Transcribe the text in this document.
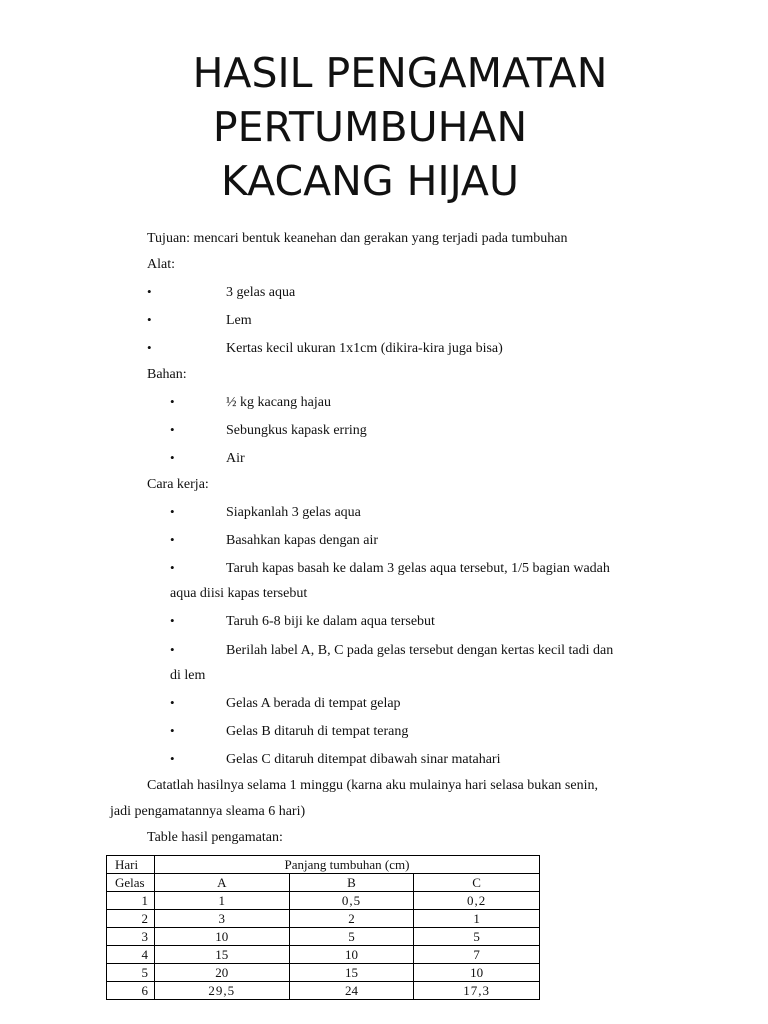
HASIL PENGAMATAN
PERTUMBUHAN
KACANG HIJAU
Tujuan: mencari bentuk keanehan dan gerakan yang terjadi pada tumbuhan
Alat:
•	3 gelas aqua
•	Lem
•	Kertas kecil ukuran 1x1cm (dikira-kira juga bisa)
Bahan:
•	½ kg kacang hajau
•	Sebungkus kapask erring
•	Air
Cara kerja:
•	Siapkanlah 3 gelas aqua
•	Basahkan kapas dengan air
•	Taruh kapas basah ke dalam 3 gelas aqua tersebut, 1/5 bagian wadah
aqua diisi kapas tersebut
•	Taruh 6-8 biji ke dalam aqua tersebut
•	Berilah label A, B, C pada gelas tersebut dengan kertas kecil tadi dan
di lem
•	Gelas A berada di tempat gelap
•	Gelas B ditaruh di tempat terang
•	Gelas C ditaruh ditempat dibawah sinar matahari
Catatlah hasilnya selama 1 minggu (karna aku mulainya hari selasa bukan senin,
jadi pengamatannya sleama 6 hari)
Table hasil pengamatan:
Hari	Panjang tumbuhan (cm)		
Gelas	A	B	C
1	1	0,5	0,2
2	3	2	1
3	10	5	5
4	15	10	7
5	20	15	10
6	29,5	24	17,3
